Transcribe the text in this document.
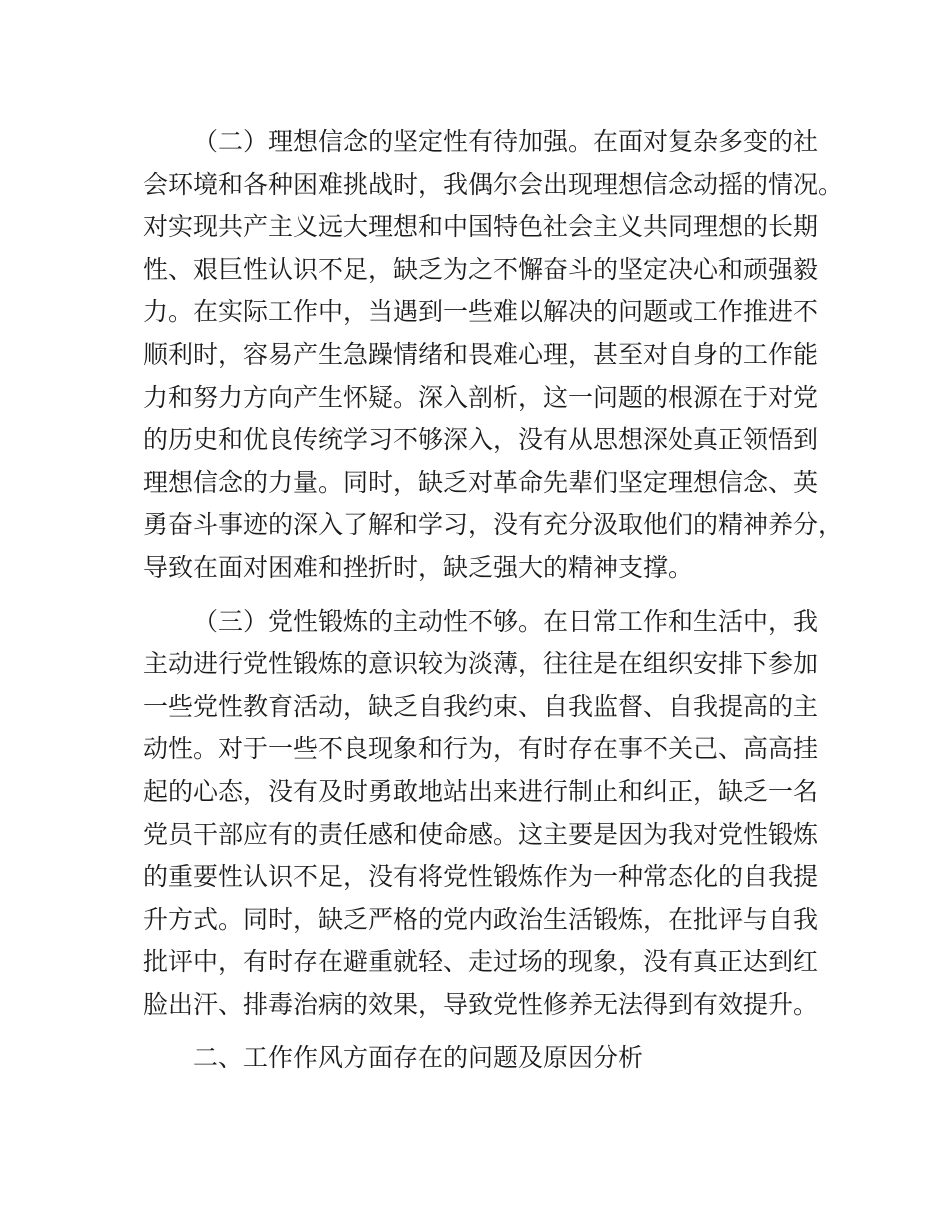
（二）理想信念的坚定性有待加强。在面对复杂多变的社
会环境和各种困难挑战时，我偶尔会出现理想信念动摇的情况。
对实现共产主义远大理想和中国特色社会主义共同理想的长期
性、艰巨性认识不足，缺乏为之不懈奋斗的坚定决心和顽强毅
力。在实际工作中，当遇到一些难以解决的问题或工作推进不
顺利时，容易产生急躁情绪和畏难心理，甚至对自身的工作能
力和努力方向产生怀疑。深入剖析，这一问题的根源在于对党
的历史和优良传统学习不够深入，没有从思想深处真正领悟到
理想信念的力量。同时，缺乏对革命先辈们坚定理想信念、英
勇奋斗事迹的深入了解和学习，没有充分汲取他们的精神养分，
导致在面对困难和挫折时，缺乏强大的精神支撑。
（三）党性锻炼的主动性不够。在日常工作和生活中，我
主动进行党性锻炼的意识较为淡薄，往往是在组织安排下参加
一些党性教育活动，缺乏自我约束、自我监督、自我提高的主
动性。对于一些不良现象和行为，有时存在事不关己、高高挂
起的心态，没有及时勇敢地站出来进行制止和纠正，缺乏一名
党员干部应有的责任感和使命感。这主要是因为我对党性锻炼
的重要性认识不足，没有将党性锻炼作为一种常态化的自我提
升方式。同时，缺乏严格的党内政治生活锻炼，在批评与自我
批评中，有时存在避重就轻、走过场的现象，没有真正达到红
脸出汗、排毒治病的效果，导致党性修养无法得到有效提升。
二、工作作风方面存在的问题及原因分析
